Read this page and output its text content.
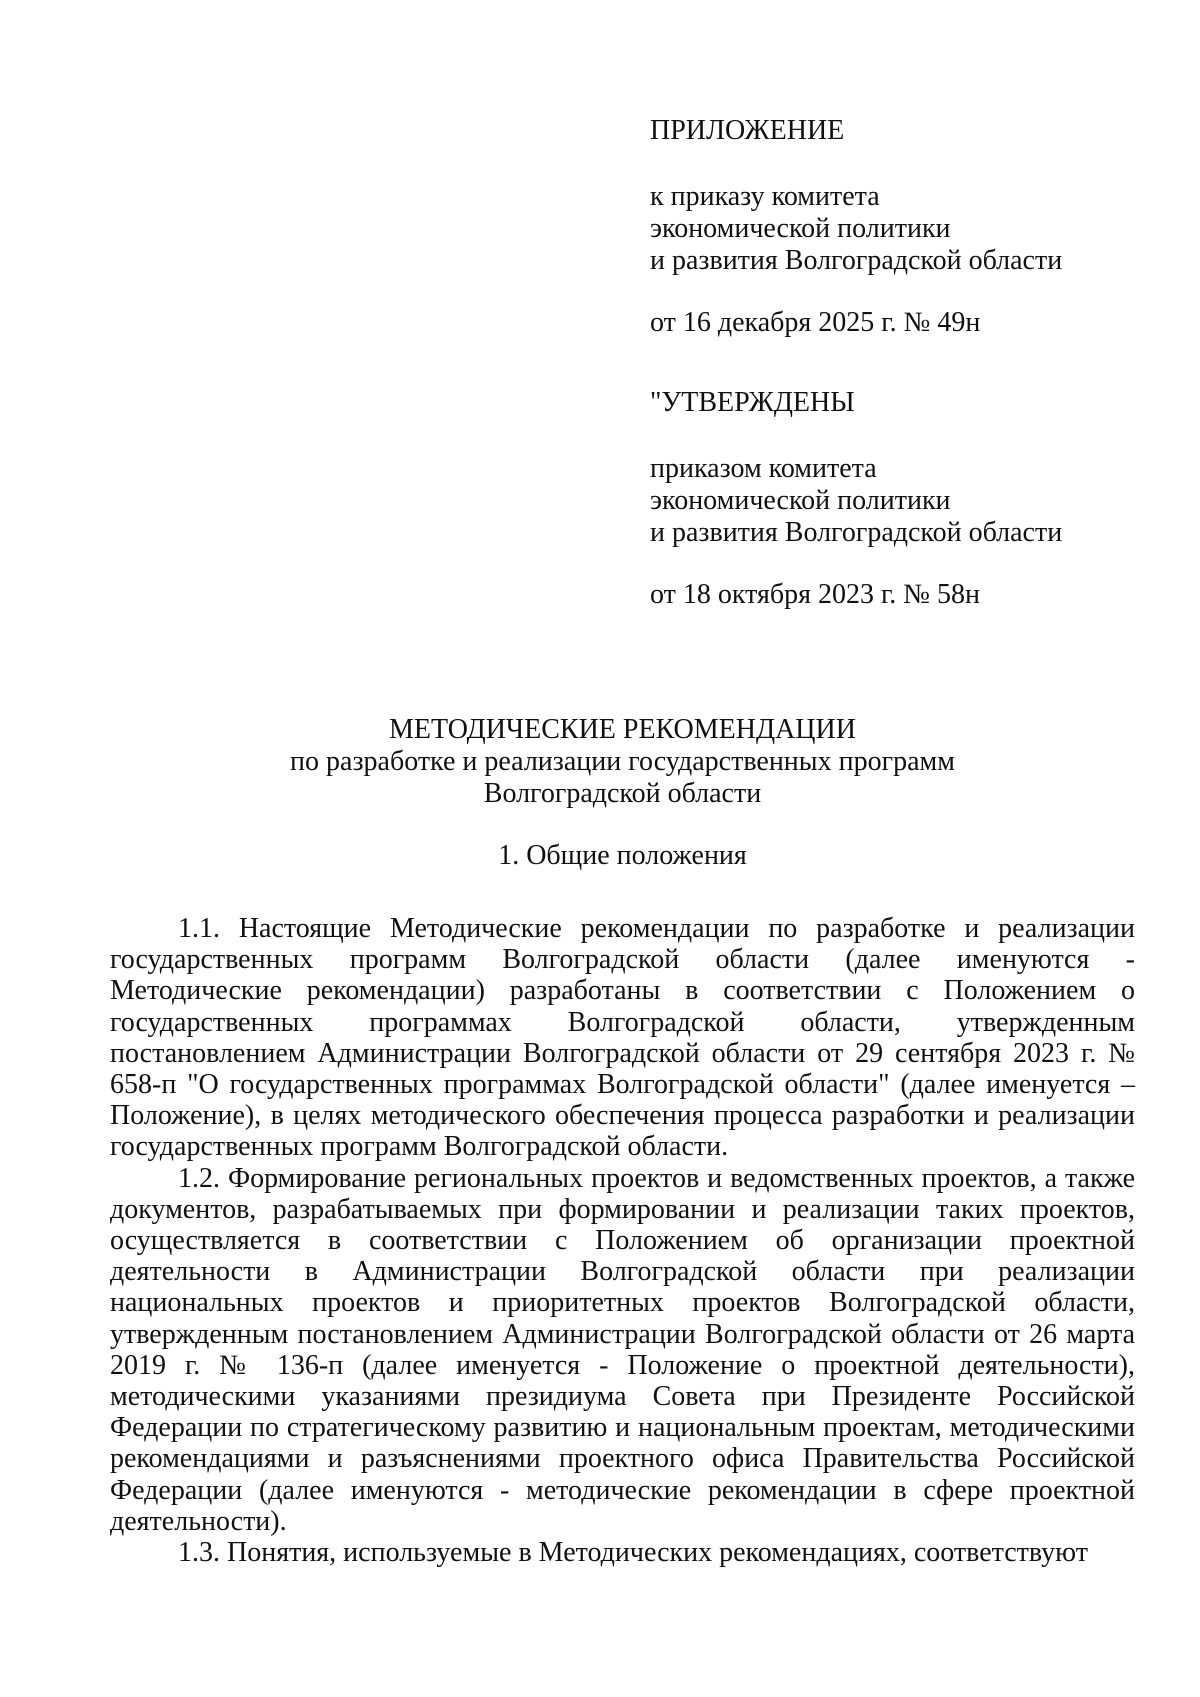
ПРИЛОЖЕНИЕ
к приказу комитета
экономической политики
и развития Волгоградской области
от 16 декабря 2025 г. № 49н
"УТВЕРЖДЕНЫ
приказом комитета
экономической политики
и развития Волгоградской области
от 18 октября 2023 г. № 58н
МЕТОДИЧЕСКИЕ РЕКОМЕНДАЦИИ
по разработке и реализации государственных программ
Волгоградской области
1. Общие положения

1.1. Настоящие Методические рекомендации по разработке и реализации государственных программ Волгоградской области (далее именуются - Методические рекомендации) разработаны в соответствии с Положением о государственных программах Волгоградской области, утвержденным постановлением Администрации Волгоградской области от 29 сентября 2023 г. № 658-п "О государственных программах Волгоградской области" (далее именуется – Положение), в целях методического обеспечения процесса разработки и реализации государственных программ Волгоградской области.

1.2. Формирование региональных проектов и ведомственных проектов, а также документов, разрабатываемых при формировании и реализации таких проектов, осуществляется в соответствии с Положением об организации проектной деятельности в Администрации Волгоградской области при реализации национальных проектов и приоритетных проектов Волгоградской области, утвержденным постановлением Администрации Волгоградской области от 26 марта 2019 г. № 136-п (далее именуется - Положение о проектной деятельности), методическими указаниями президиума Совета при Президенте Российской Федерации по стратегическому развитию и национальным проектам, методическими рекомендациями и разъяснениями проектного офиса Правительства Российской Федерации (далее именуются - методические рекомендации в сфере проектной деятельности).

1.3. Понятия, используемые в Методических рекомендациях, соответствуют
